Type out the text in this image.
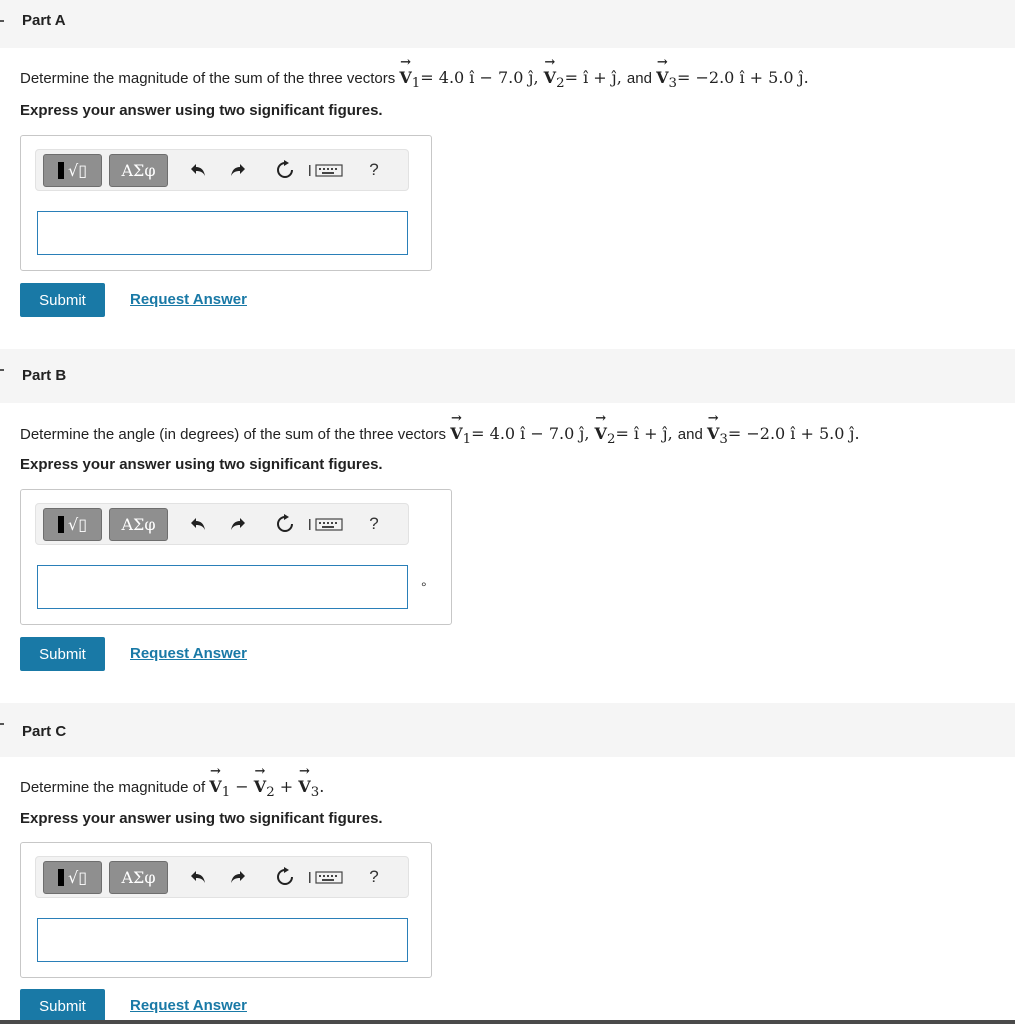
Part A
Determine the magnitude of the sum of the three vectors → $V_1= 4.0$ î − 7.0 ĵ, → $V_2=$ î + ĵ, and → $V_3= -2.0$ î + 5.0 ĵ.
Express your answer using two significant figures.
√▯	ΑΣφ	?
Submit	Request Answer
Part B
Determine the angle (in degrees) of the sum of the three vectors → $V_1= 4.0$ î − 7.0 ĵ, → $V_2=$ î + ĵ, and → $V_3= -2.0$ î + 5.0 ĵ.
Express your answer using two significant figures.
√▯	ΑΣφ	?
°
Submit	Request Answer
Part C
Determine the magnitude of → $V_1$ − → $V_2$ + → $V_3$.
Express your answer using two significant figures.
√▯	ΑΣφ	?
Submit	Request Answer
